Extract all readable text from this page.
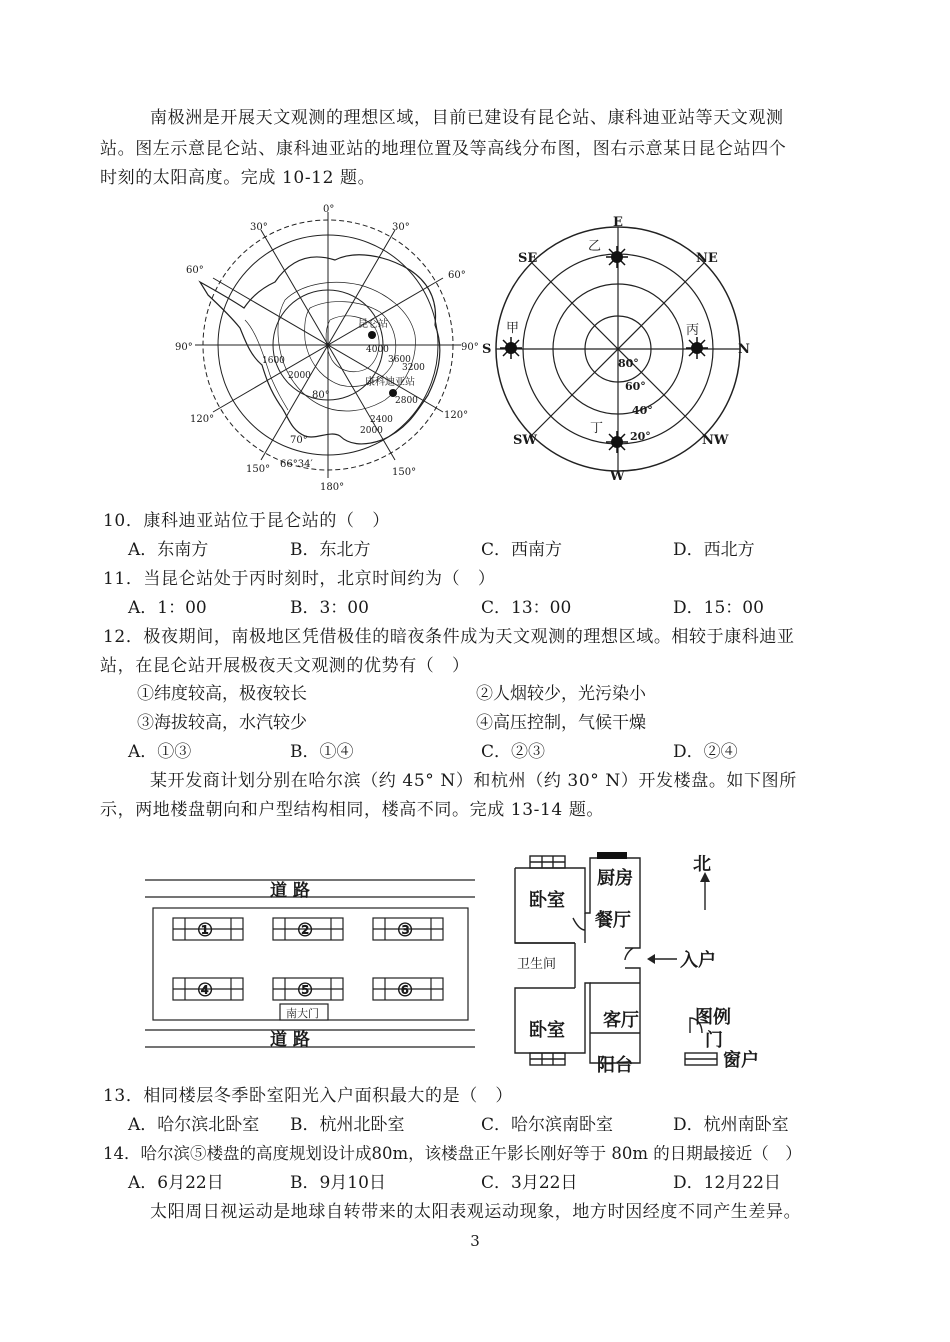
南极洲是开展天文观测的理想区域，目前已建设有昆仑站、康科迪亚站等天文观测
站。图左示意昆仑站、康科迪亚站的地理位置及等高线分布图，图右示意某日昆仑站四个
时刻的太阳高度。完成 10-12 题。
0°
30°	30°
60°	60°
90°	90°
120°	120°
150°	150°
180°
70°
80°
66°34′
昆仑站
康科迪亚站
4000
3600
3200
2800
2400
2000
1600
2000
E
W
S	N
SE	NE
SW	NW
80°
60°
40°
20°
乙
甲	丙
丁
10．康科迪亚站位于昆仑站的（　）
A．东南方	B．东北方	C．西南方	D．西北方
11．当昆仑站处于丙时刻时，北京时间约为（　）
A．1：00	B．3：00	C．13：00	D．15：00
12．极夜期间，南极地区凭借极佳的暗夜条件成为天文观测的理想区域。相较于康科迪亚
站，在昆仑站开展极夜天文观测的优势有（　）
①纬度较高，极夜较长	②人烟较少，光污染小
③海拔较高，水汽较少	④高压控制，气候干燥
A．①③	B．①④	C．②③	D．②④
某开发商计划分别在哈尔滨（约 45° N）和杭州（约 30° N）开发楼盘。如下图所
示，两地楼盘朝向和户型结构相同，楼高不同。完成 13-14 题。
道 路
道 路
南大门
①	②	③
④	⑤	⑥
卧室
厨房
餐厅
卧室 客厅
阳台
入户
北
图例
门
窗户
卫生间
13．相同楼层冬季卧室阳光入户面积最大的是（　）
A．哈尔滨北卧室 B．杭州北卧室	C．哈尔滨南卧室	D．杭州南卧室
14．哈尔滨⑤楼盘的高度规划设计成80m，该楼盘正午影长刚好等于 80m 的日期最接近（　）
A．6月22日	B．9月10日	C．3月22日	D．12月22日
太阳周日视运动是地球自转带来的太阳表观运动现象，地方时因经度不同产生差异。
3
